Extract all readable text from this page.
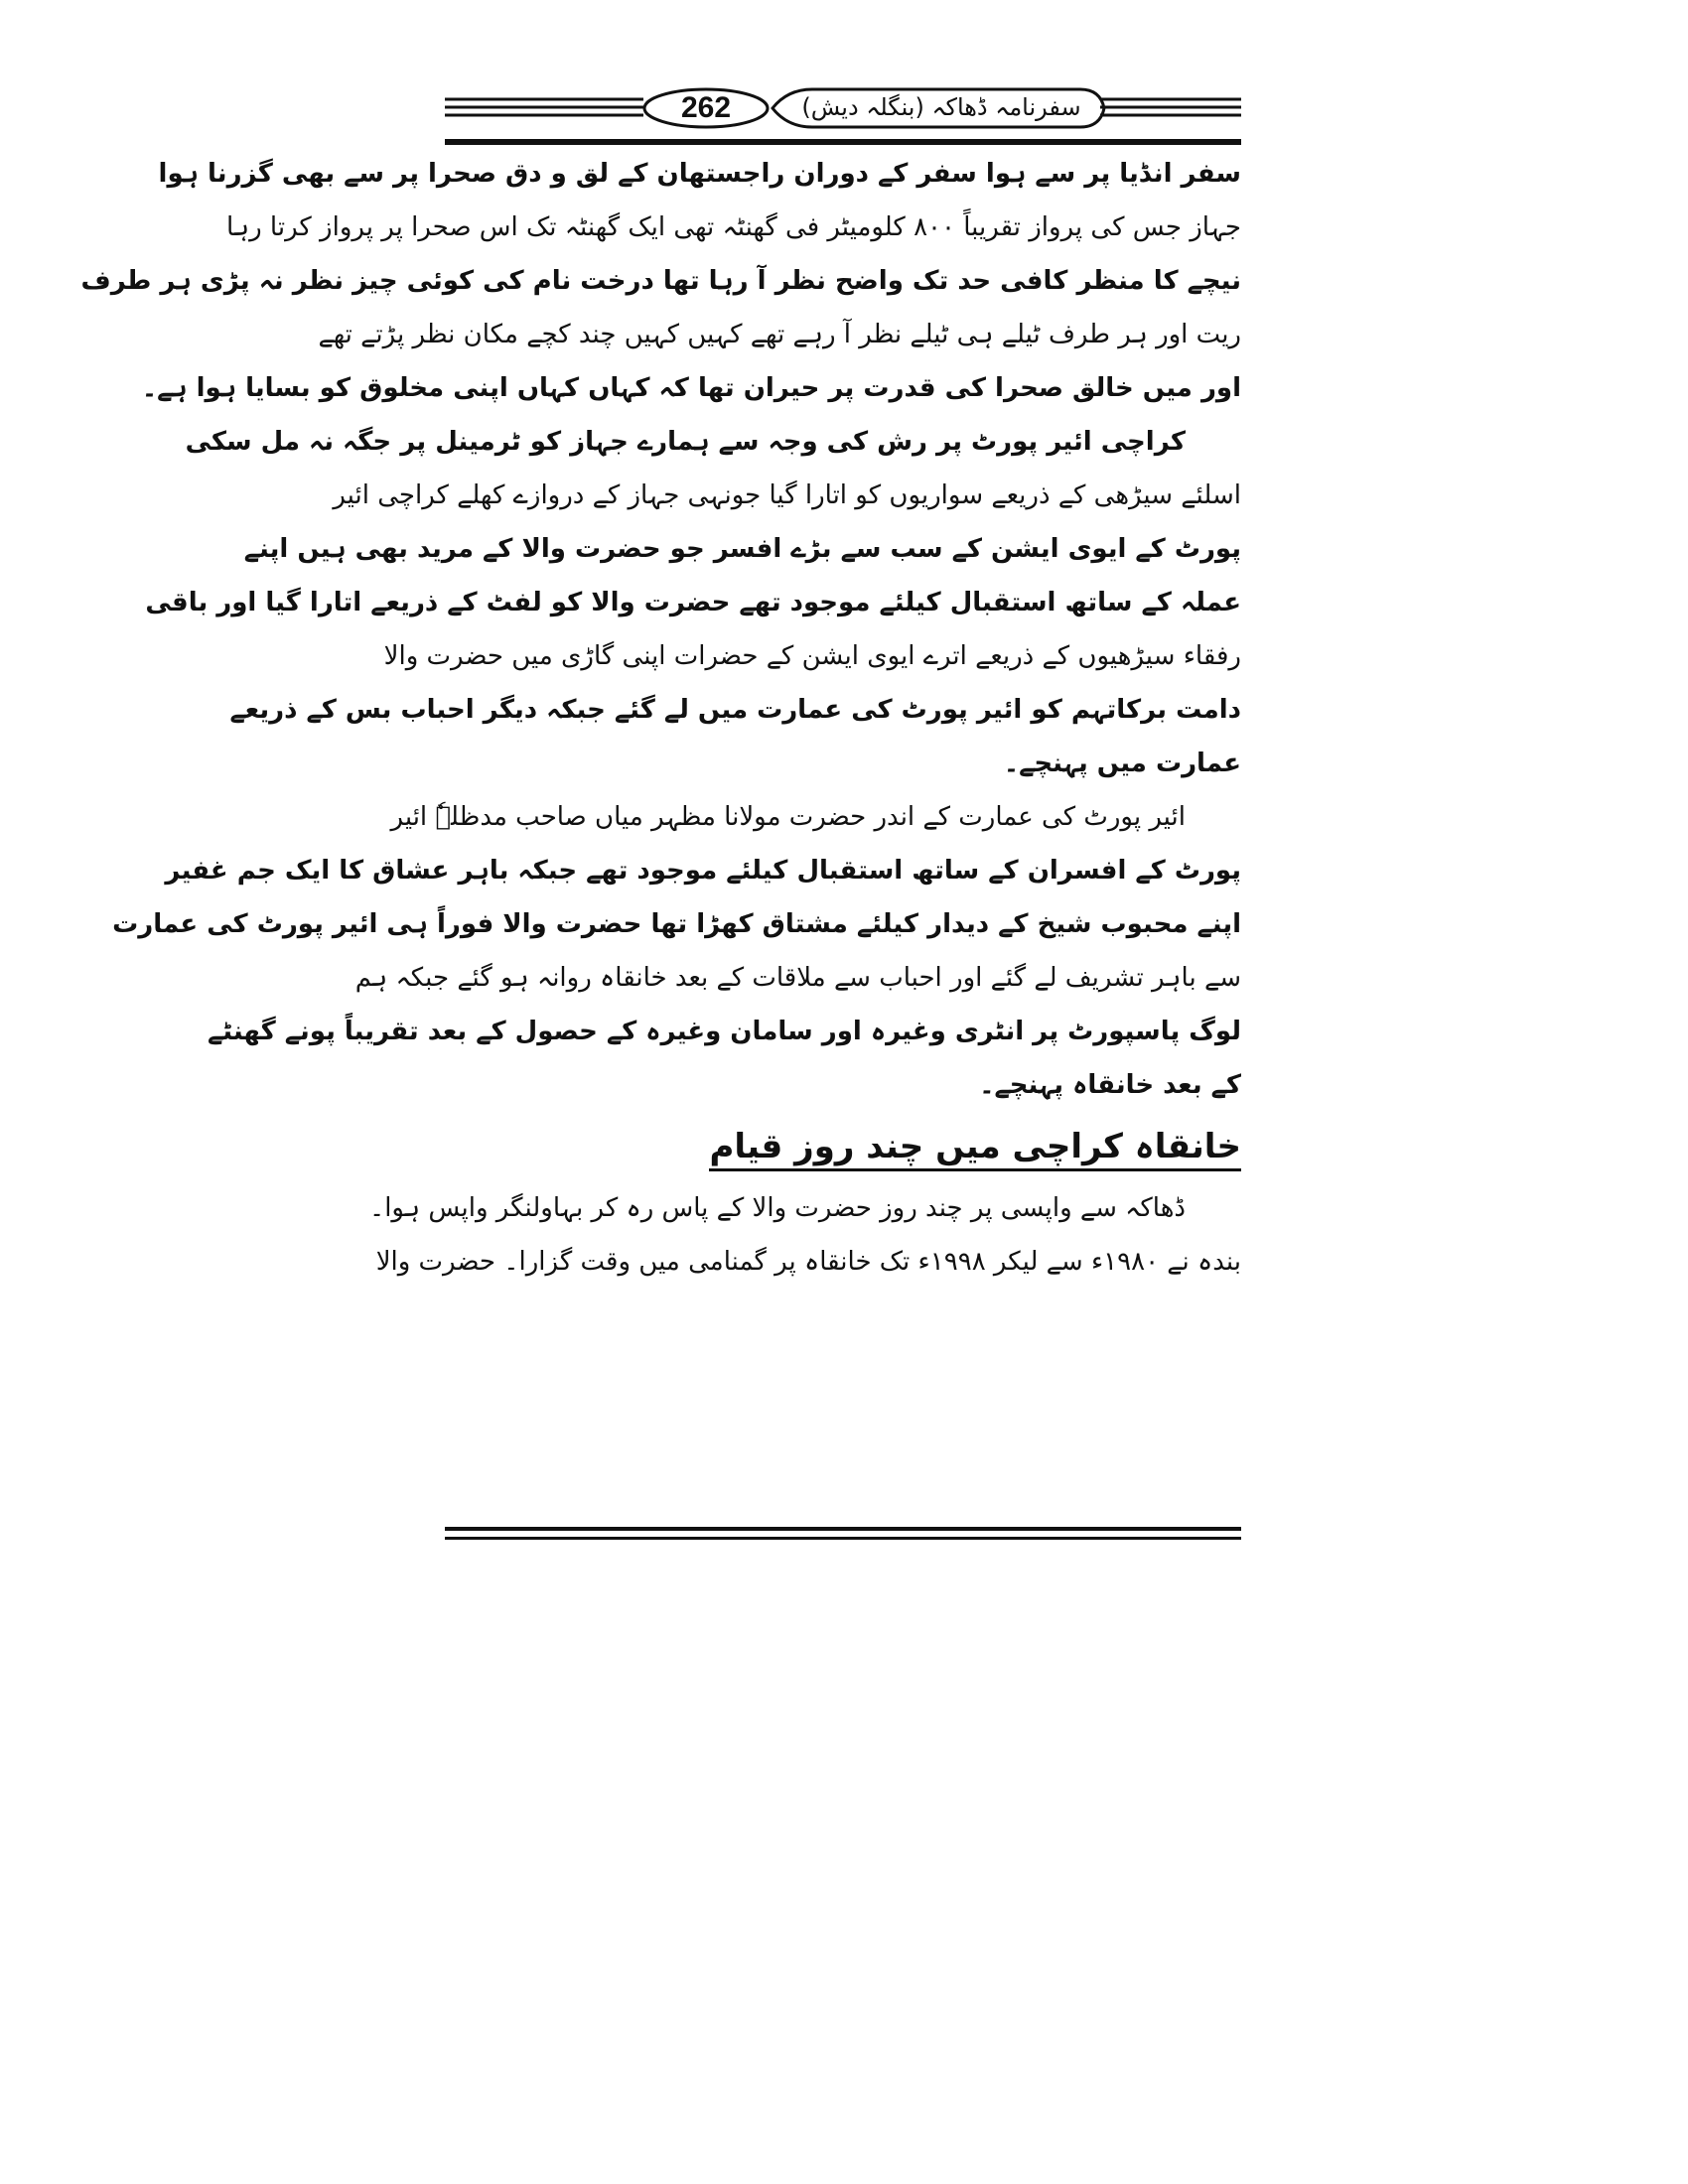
262	سفرنامہ ڈھاکہ (بنگلہ دیش)
سفر انڈیا پر سے ہوا سفر کے دوران راجستھان کے لق و دق صحرا پر سے بھی گزرنا ہوا
جہاز جس کی پرواز تقریباً ۸۰۰ کلومیٹر فی گھنٹہ تھی ایک گھنٹہ تک اس صحرا پر پرواز کرتا رہا
نیچے کا منظر کافی حد تک واضح نظر آ رہا تھا درخت نام کی کوئی چیز نظر نہ پڑی ہر طرف
ریت اور ہر طرف ٹیلے ہی ٹیلے نظر آ رہے تھے کہیں کہیں چند کچے مکان نظر پڑتے تھے
اور میں خالق صحرا کی قدرت پر حیران تھا کہ کہاں کہاں اپنی مخلوق کو بسایا ہوا ہے۔
کراچی ائیر پورٹ پر رش کی وجہ سے ہمارے جہاز کو ٹرمینل پر جگہ نہ مل سکی
اسلئے سیڑھی کے ذریعے سواریوں کو اتارا گیا جونہی جہاز کے دروازے کھلے کراچی ائیر
پورٹ کے ایوی ایشن کے سب سے بڑے افسر جو حضرت والا کے مرید بھی ہیں اپنے
عملہ کے ساتھ استقبال کیلئے موجود تھے حضرت والا کو لفٹ کے ذریعے اتارا گیا اور باقی
رفقاء سیڑھیوں کے ذریعے اترے ایوی ایشن کے حضرات اپنی گاڑی میں حضرت والا
دامت برکاتہم کو ائیر پورٹ کی عمارت میں لے گئے جبکہ دیگر احباب بس کے ذریعے
عمارت میں پہنچے۔
ائیر پورٹ کی عمارت کے اندر حضرت مولانا مظہر میاں صاحب مدظلہٗ ائیر
پورٹ کے افسران کے ساتھ استقبال کیلئے موجود تھے جبکہ باہر عشاق کا ایک جم غفیر
اپنے محبوب شیخ کے دیدار کیلئے مشتاق کھڑا تھا حضرت والا فوراً ہی ائیر پورٹ کی عمارت
سے باہر تشریف لے گئے اور احباب سے ملاقات کے بعد خانقاہ روانہ ہو گئے جبکہ ہم
لوگ پاسپورٹ پر انٹری وغیرہ اور سامان وغیرہ کے حصول کے بعد تقریباً پونے گھنٹے
کے بعد خانقاہ پہنچے۔
خانقاہ کراچی میں چند روز قیام
ڈھاکہ سے واپسی پر چند روز حضرت والا کے پاس رہ کر بہاولنگر واپس ہوا۔
بندہ نے ۱۹۸۰ء سے لیکر ۱۹۹۸ء تک خانقاہ پر گمنامی میں وقت گزارا۔ حضرت والا
